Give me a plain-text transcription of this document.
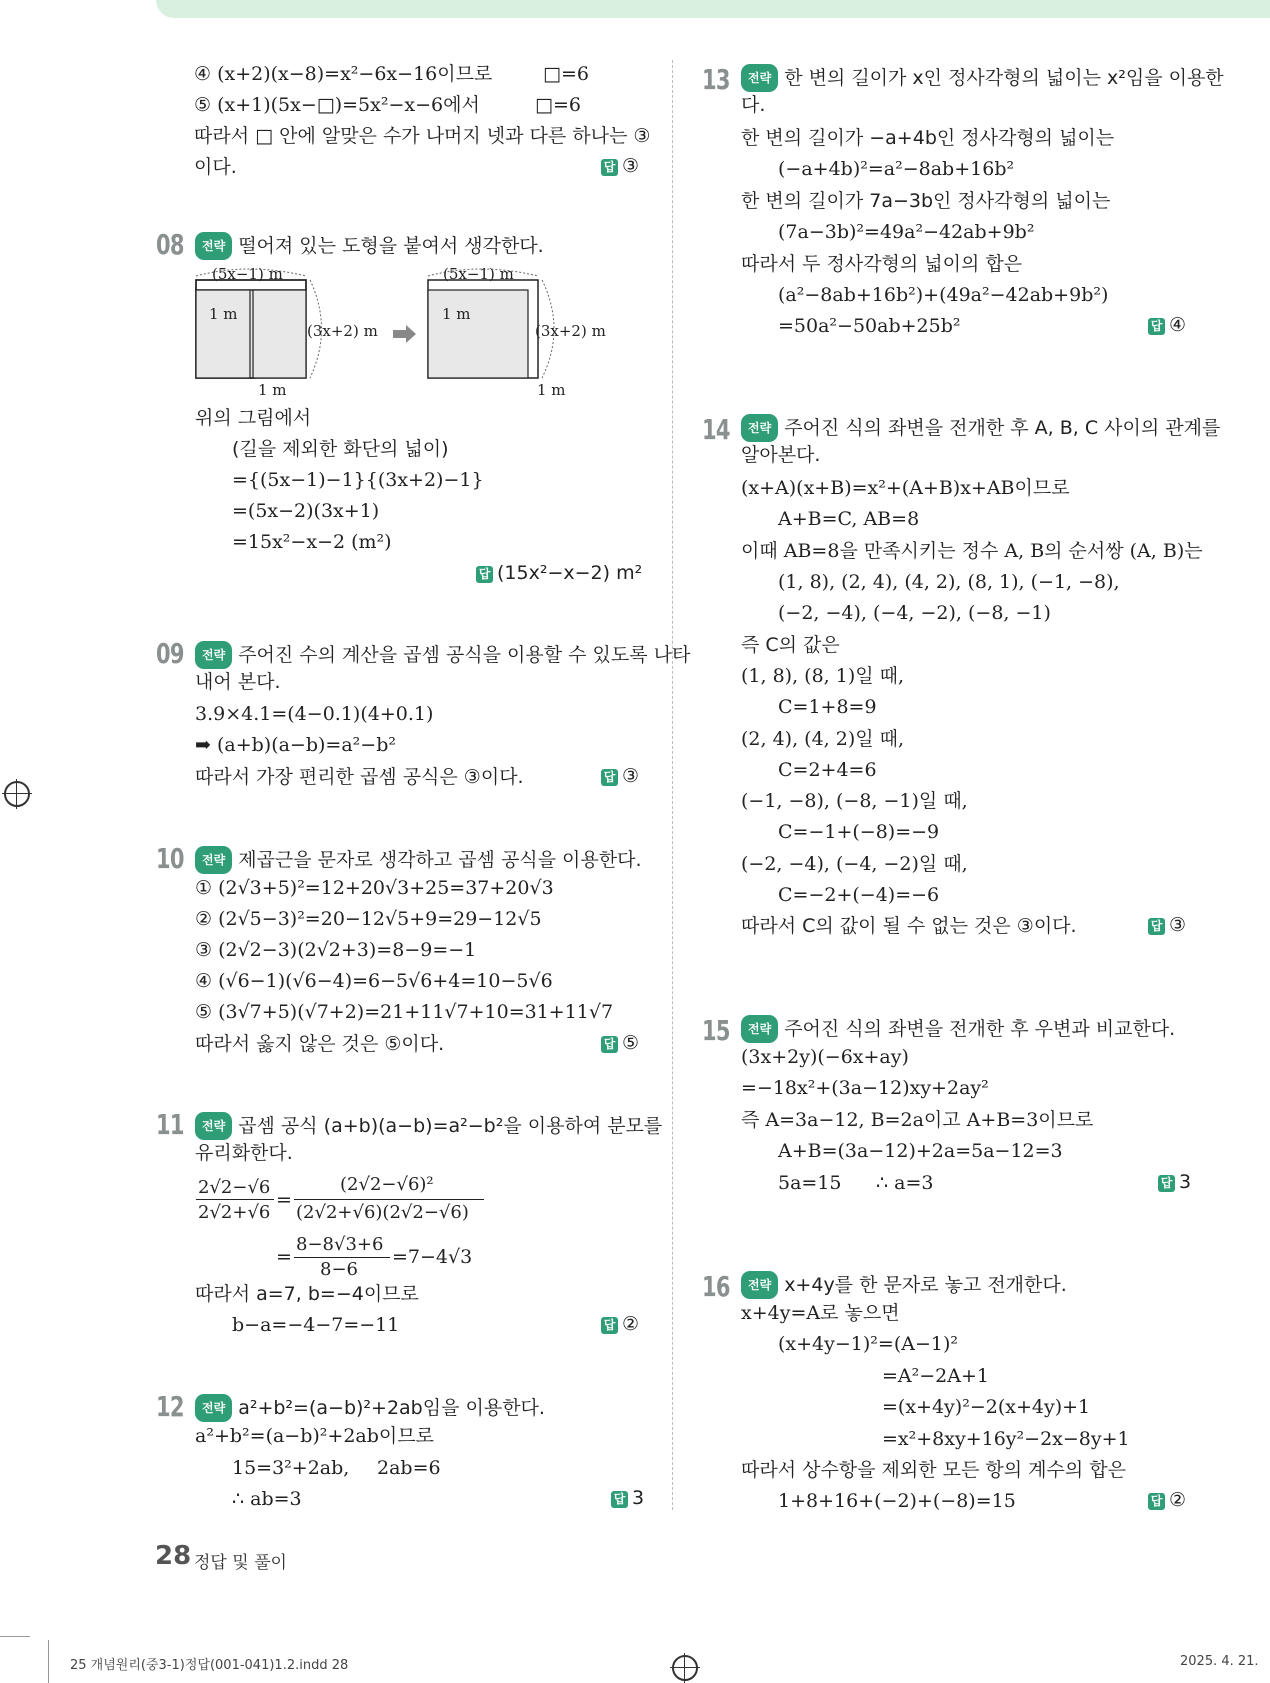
④ (x+2)(x−8)=x²−6x−16이므로	□=6
⑤ (x+1)(5x−□)=5x²−x−6에서	□=6
따라서 □ 안에 알맞은 수가 나머지 넷과 다른 하나는 ③
이다.	답 ③
08	전략 떨어져 있는 도형을 붙여서 생각한다.
(5x−1) m	(5x−1) m
1 m	1 m
(3x+2) m	(3x+2) m
1 m	1 m
위의 그림에서
(길을 제외한 화단의 넓이)
={(5x−1)−1}{(3x+2)−1}
=(5x−2)(3x+1)
=15x²−x−2 (m²)
답 (15x²−x−2) m²
09	전략 주어진 수의 계산을 곱셈 공식을 이용할 수 있도록 나타
내어 본다.
3.9×4.1=(4−0.1)(4+0.1)
➡ (a+b)(a−b)=a²−b²
따라서 가장 편리한 곱셈 공식은 ③이다.	답 ③
10	전략 제곱근을 문자로 생각하고 곱셈 공식을 이용한다.
① (2√3+5)²=12+20√3+25=37+20√3
② (2√5−3)²=20−12√5+9=29−12√5
③ (2√2−3)(2√2+3)=8−9=−1
④ (√6−1)(√6−4)=6−5√6+4=10−5√6
⑤ (3√7+5)(√7+2)=21+11√7+10=31+11√7
따라서 옳지 않은 것은 ⑤이다.	답 ⑤
11	전략 곱셈 공식 (a+b)(a−b)=a²−b²을 이용하여 분모를
유리화한다.
2√2−√6
2√2+√6
=
(2√2−√6)²
(2√2+√6)(2√2−√6)
=
8−8√3+6
8−6
=7−4√3
따라서 a=7, b=−4이므로
b−a=−4−7=−11	답 ②
12	전략 a²+b²=(a−b)²+2ab임을 이용한다.
a²+b²=(a−b)²+2ab이므로
15=3²+2ab, 2ab=6
∴ ab=3	답 3
13	전략 한 변의 길이가 x인 정사각형의 넓이는 x²임을 이용한
다.
한 변의 길이가 −a+4b인 정사각형의 넓이는
(−a+4b)²=a²−8ab+16b²
한 변의 길이가 7a−3b인 정사각형의 넓이는
(7a−3b)²=49a²−42ab+9b²
따라서 두 정사각형의 넓이의 합은
(a²−8ab+16b²)+(49a²−42ab+9b²)
=50a²−50ab+25b²	답 ④
14	전략 주어진 식의 좌변을 전개한 후 A, B, C 사이의 관계를
알아본다.
(x+A)(x+B)=x²+(A+B)x+AB이므로
A+B=C, AB=8
이때 AB=8을 만족시키는 정수 A, B의 순서쌍 (A, B)는
(1, 8), (2, 4), (4, 2), (8, 1), (−1, −8),
(−2, −4), (−4, −2), (−8, −1)
즉 C의 값은
(1, 8), (8, 1)일 때,
C=1+8=9
(2, 4), (4, 2)일 때,
C=2+4=6
(−1, −8), (−8, −1)일 때,
C=−1+(−8)=−9
(−2, −4), (−4, −2)일 때,
C=−2+(−4)=−6
따라서 C의 값이 될 수 없는 것은 ③이다.	답 ③
15	전략 주어진 식의 좌변을 전개한 후 우변과 비교한다.
(3x+2y)(−6x+ay)
=−18x²+(3a−12)xy+2ay²
즉 A=3a−12, B=2a이고 A+B=3이므로
A+B=(3a−12)+2a=5a−12=3
5a=15 ∴ a=3	답 3
16	전략 x+4y를 한 문자로 놓고 전개한다.
x+4y=A로 놓으면
(x+4y−1)²=(A−1)²
=A²−2A+1
=(x+4y)²−2(x+4y)+1
=x²+8xy+16y²−2x−8y+1
따라서 상수항을 제외한 모든 항의 계수의 합은
1+8+16+(−2)+(−8)=15	답 ②
28 정답 및 풀이
25 개념원리(중3-1)정답(001-041)1.2.indd 28	2025. 4. 21.
